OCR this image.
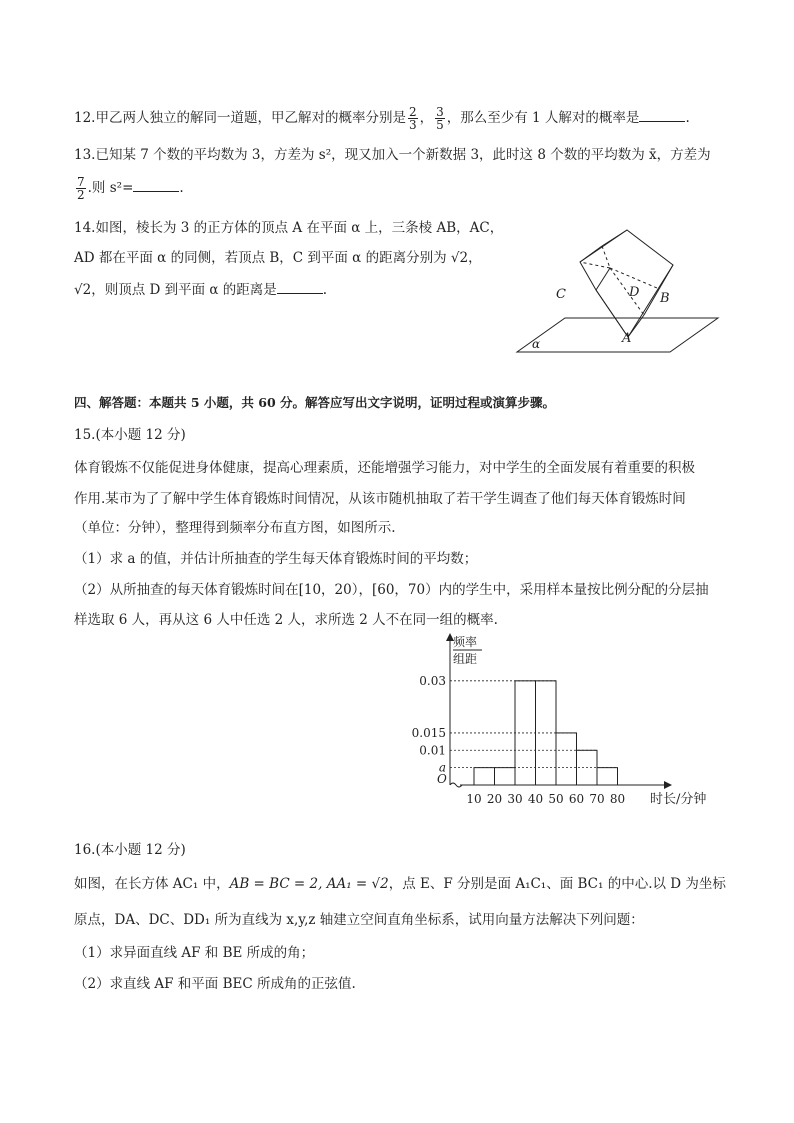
12.甲乙两人独立的解同一道题，甲乙解对的概率分别是 $\frac{2}{3}$ ， $\frac{3}{5}$ ，那么至少有 1 人解对的概率是	.
13.已知某 7 个数的平均数为 3，方差为 s²，现又加入一个新数据 3，此时这 8 个数的平均数为 x̄，方差为
$\frac{7}{2}$ .则 s²=	.
14.如图，棱长为 3 的正方体的顶点 A 在平面 α 上，三条棱 AB，AC，
AD 都在平面 α 的同侧，若顶点 B，C 到平面 α 的距离分别为 √2，
√2，则顶点 D 到平面 α 的距离是	.	C	D B
A
α
四、解答题：本题共 5 小题，共 60 分。解答应写出文字说明，证明过程或演算步骤。
15.(本小题 12 分)
体育锻炼不仅能促进身体健康，提高心理素质，还能增强学习能力，对中学生的全面发展有着重要的积极
作用.某市为了了解中学生体育锻炼时间情况，从该市随机抽取了若干学生调查了他们每天体育锻炼时间
（单位：分钟），整理得到频率分布直方图，如图所示.
（1）求 a 的值，并估计所抽查的学生每天体育锻炼时间的平均数；
（2）从所抽查的每天体育锻炼时间在[10，20），[60，70）内的学生中，采用样本量按比例分配的分层抽
样选取 6 人，再从这 6 人中任选 2 人，求所选 2 人不在同一组的概率.
频率
组距
O
0.03
0.015
0.01
a
10 20 30 40 50 60 70 80 时长/分钟
16.(本小题 12 分)
如图，在长方体 AC₁ 中，AB = BC = 2, AA₁ = √2，点 E、F 分别是面 A₁C₁、面 BC₁ 的中心.以 D 为坐标
原点，DA、DC、DD₁ 所为直线为 x,y,z 轴建立空间直角坐标系，试用向量方法解决下列问题：
（1）求异面直线 AF 和 BE 所成的角；
（2）求直线 AF 和平面 BEC 所成角的正弦值.
